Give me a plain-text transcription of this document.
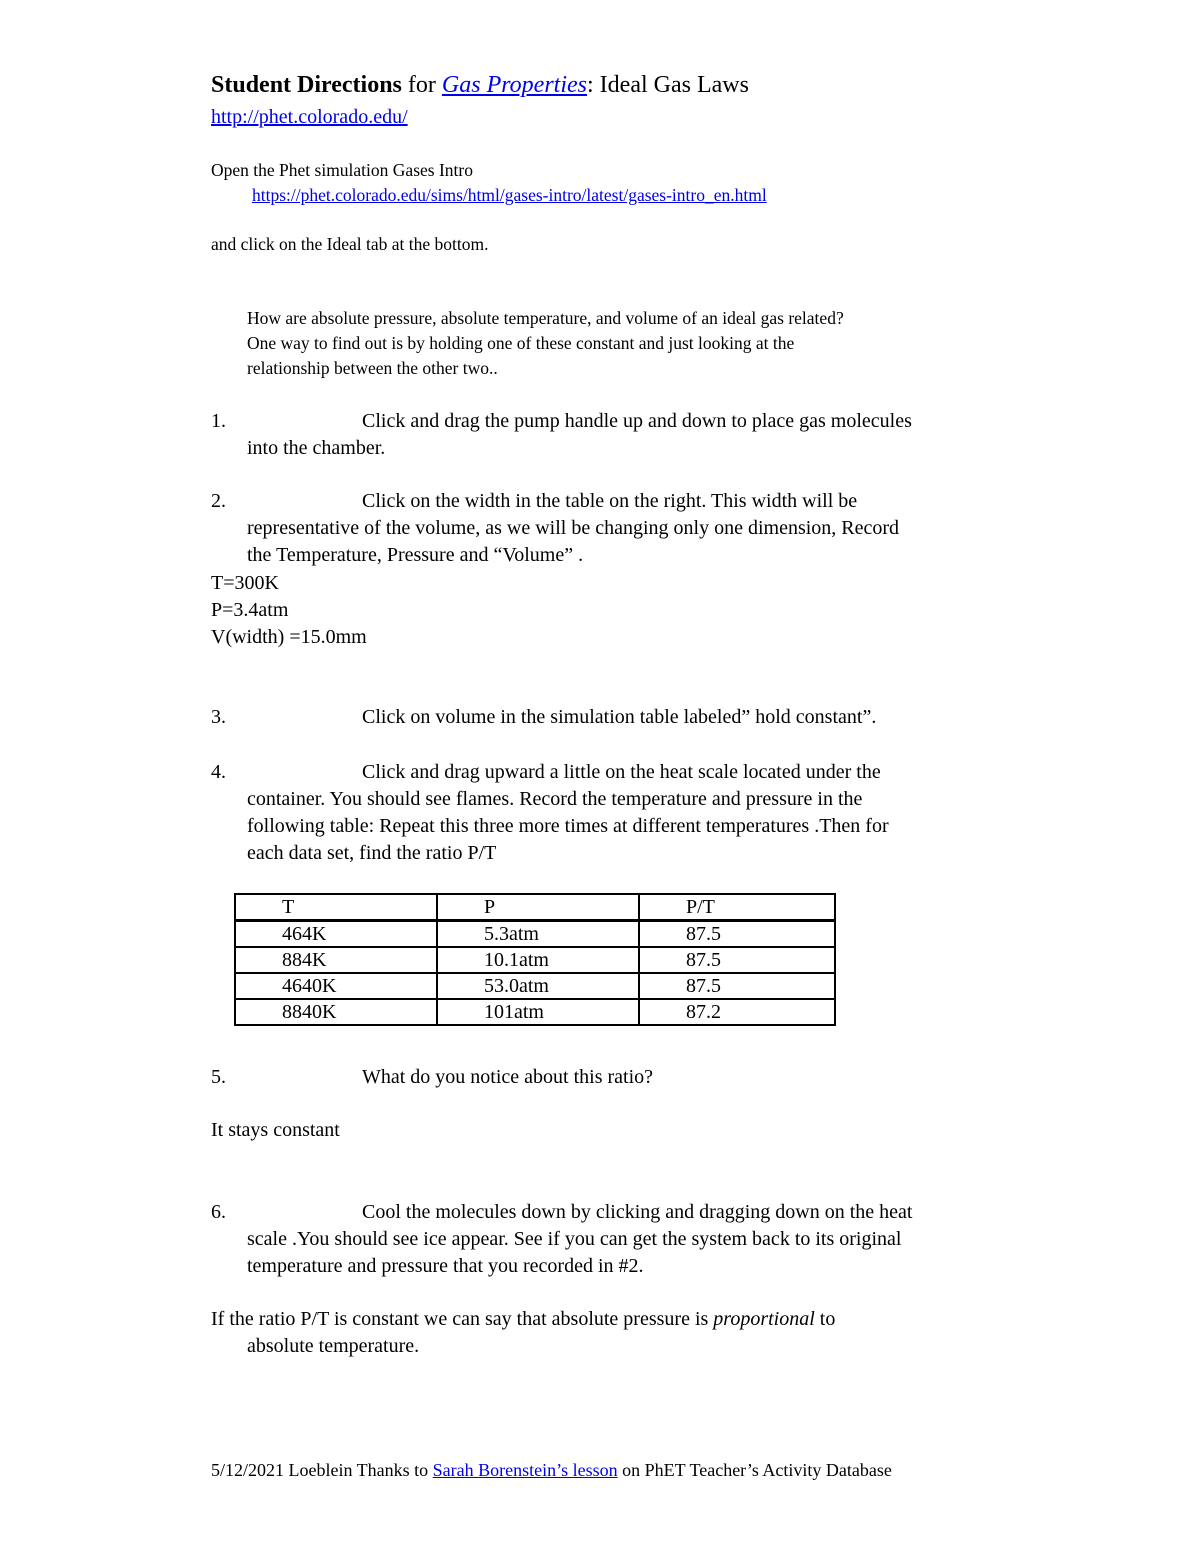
Student Directions for Gas Properties: Ideal Gas Laws
http://phet.colorado.edu/
Open the Phet simulation Gases Intro
https://phet.colorado.edu/sims/html/gases-intro/latest/gases-intro_en.html
and click on the Ideal tab at the bottom.
How are absolute pressure, absolute temperature, and volume of an ideal gas related?
One way to find out is by holding one of these constant and just looking at the
relationship between the other two..
1.	Click and drag the pump handle up and down to place gas molecules
into the chamber.
2.	Click on the width in the table on the right. This width will be
representative of the volume, as we will be changing only one dimension, Record
the Temperature, Pressure and “Volume” .
T=300K
P=3.4atm
V(width) =15.0mm
3.	Click on volume in the simulation table labeled” hold constant”.
4.	Click and drag upward a little on the heat scale located under the
container. You should see flames. Record the temperature and pressure in the
following table: Repeat this three more times at different temperatures .Then for
each data set, find the ratio P/T
T	P	P/T
464K	5.3atm	87.5
884K	10.1atm	87.5
4640K	53.0atm	87.5
8840K	101atm	87.2
5.	What do you notice about this ratio?
It stays constant
6.	Cool the molecules down by clicking and dragging down on the heat
scale .You should see ice appear. See if you can get the system back to its original
temperature and pressure that you recorded in #2.
If the ratio P/T is constant we can say that absolute pressure is proportional to
absolute temperature.
5/12/2021 Loeblein Thanks to Sarah Borenstein’s lesson on PhET Teacher’s Activity Database
